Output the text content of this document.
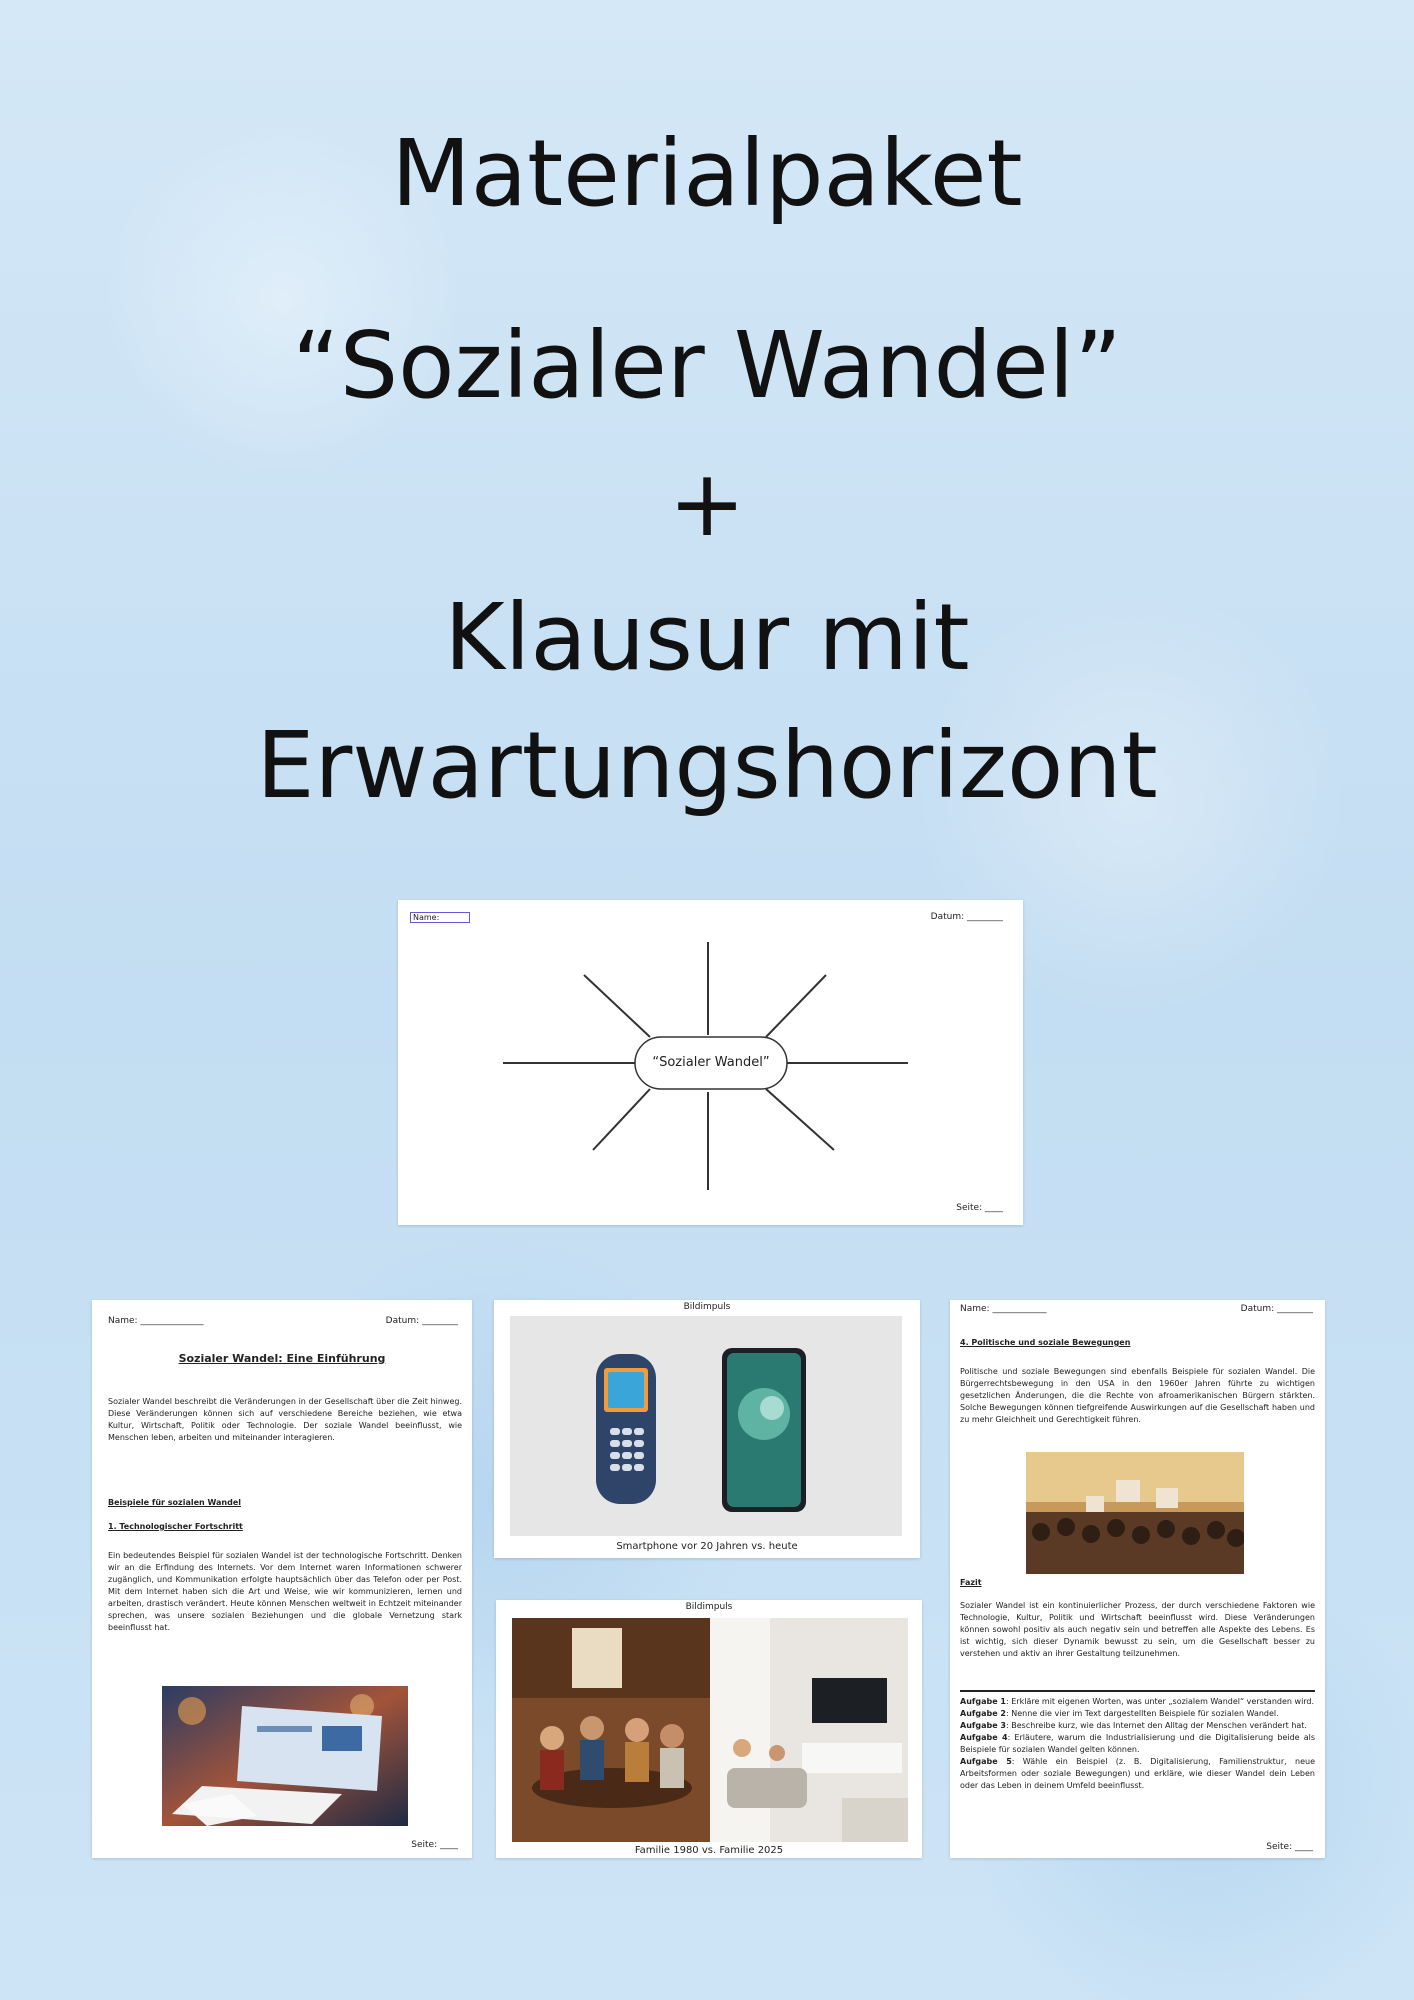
Materialpaket
“Sozialer Wandel”
+
Klausur mit
Erwartungshorizont
Name:	Datum: ________
“Sozialer Wandel”
Seite: ____
Name: ______________	Datum: ________
Sozialer Wandel: Eine Einführung

Sozialer Wandel beschreibt die Veränderungen in der Gesellschaft über die Zeit hinweg. Diese Veränderungen können sich auf verschiedene Bereiche beziehen, wie etwa Kultur, Wirtschaft, Politik oder Technologie. Der soziale Wandel beeinflusst, wie Menschen leben, arbeiten und miteinander interagieren.

Beispiele für sozialen Wandel
1. Technologischer Fortschritt

Ein bedeutendes Beispiel für sozialen Wandel ist der technologische Fortschritt. Denken wir an die Erfindung des Internets. Vor dem Internet waren Informationen schwerer zugänglich, und Kommunikation erfolgte hauptsächlich über das Telefon oder per Post. Mit dem Internet haben sich die Art und Weise, wie wir kommunizieren, lernen und arbeiten, drastisch verändert. Heute können Menschen weltweit in Echtzeit miteinander sprechen, was unsere sozialen Beziehungen und die globale Vernetzung stark beeinflusst hat.

Seite: ____
Bildimpuls
Smartphone vor 20 Jahren vs. heute
Bildimpuls
Familie 1980 vs. Familie 2025
Name: ____________	Datum: ________
4. Politische und soziale Bewegungen

Politische und soziale Bewegungen sind ebenfalls Beispiele für sozialen Wandel. Die Bürgerrechtsbewegung in den USA in den 1960er Jahren führte zu wichtigen gesetzlichen Änderungen, die die Rechte von afroamerikanischen Bürgern stärkten. Solche Bewegungen können tiefgreifende Auswirkungen auf die Gesellschaft haben und zu mehr Gleichheit und Gerechtigkeit führen.

Fazit

Sozialer Wandel ist ein kontinuierlicher Prozess, der durch verschiedene Faktoren wie Technologie, Kultur, Politik und Wirtschaft beeinflusst wird. Diese Veränderungen können sowohl positiv als auch negativ sein und betreffen alle Aspekte des Lebens. Es ist wichtig, sich dieser Dynamik bewusst zu sein, um die Gesellschaft besser zu verstehen und aktiv an ihrer Gestaltung teilzunehmen.

Aufgabe 1: Erkläre mit eigenen Worten, was unter „sozialem Wandel“ verstanden wird.

Aufgabe 2: Nenne die vier im Text dargestellten Beispiele für sozialen Wandel.

Aufgabe 3: Beschreibe kurz, wie das Internet den Alltag der Menschen verändert hat.

Aufgabe 4: Erläutere, warum die Industrialisierung und die Digitalisierung beide als Beispiele für sozialen Wandel gelten können.

Aufgabe 5: Wähle ein Beispiel (z. B. Digitalisierung, Familienstruktur, neue Arbeitsformen oder soziale Bewegungen) und erkläre, wie dieser Wandel dein Leben oder das Leben in deinem Umfeld beeinflusst.

Seite: ____
